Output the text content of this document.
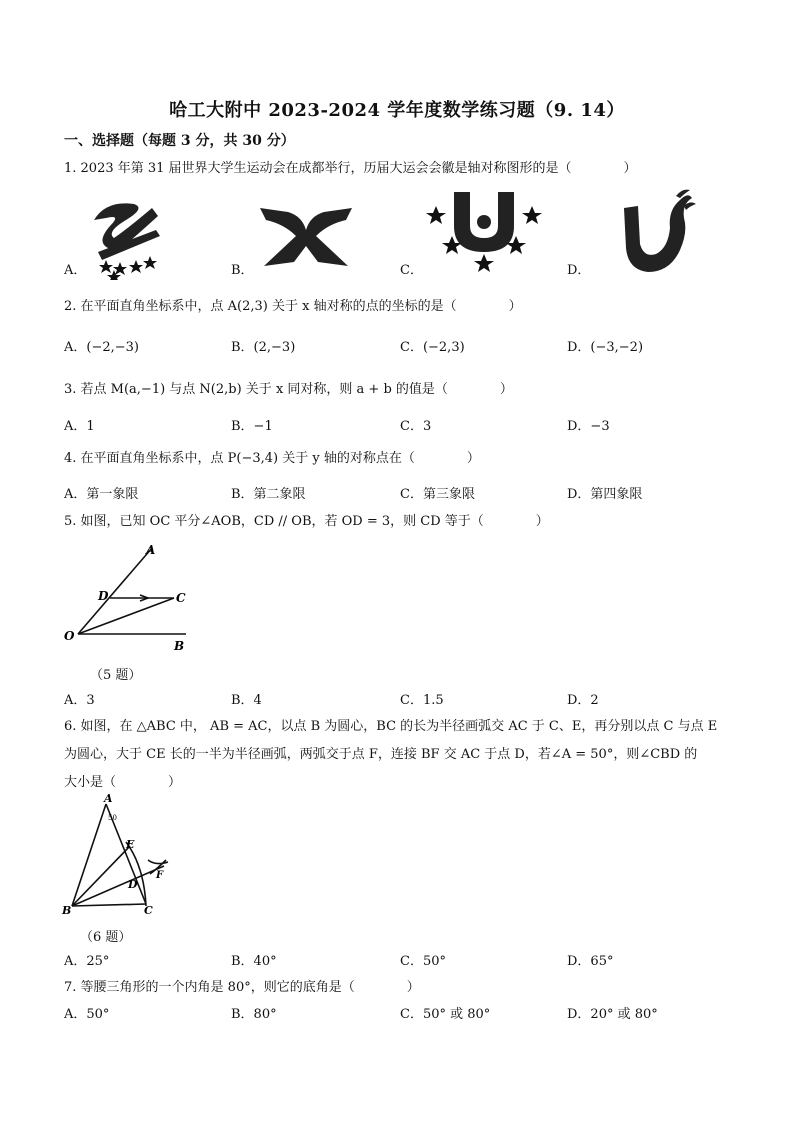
哈工大附中 2023-2024 学年度数学练习题（9. 14）
一、选择题（每题 3 分，共 30 分）
1. 2023 年第 31 届世界大学生运动会在成都举行，历届大运会会徽是轴对称图形的是（　　　　）
A．	B．	C．	D．
2. 在平面直角坐标系中，点 A(2,3) 关于 x 轴对称的点的坐标的是（　　　　）
A．(−2,−3)	B．(2,−3)	C．(−2,3)	D．(−3,−2)
3. 若点 M(a,−1) 与点 N(2,b) 关于 x 同对称，则 a + b 的值是（　　　　）
A．1	B．−1	C．3	D．−3
4. 在平面直角坐标系中，点 P(−3,4) 关于 y 轴的对称点在（　　　　）
A．第一象限	B．第二象限	C．第三象限	D．第四象限
5. 如图，已知 OC 平分∠AOB，CD // OB，若 OD = 3，则 CD 等于（　　　　）
A
D	C
O
B
（5 题）
A．3	B．4	C．1.5	D．2
6. 如图，在 △ABC 中， AB = AC，以点 B 为圆心，BC 的长为半径画弧交 AC 于 C、E，再分别以点 C 与点 E
为圆心，大于 CE 长的一半为半径画弧，两弧交于点 F，连接 BF 交 AC 于点 D，若∠A = 50°，则∠CBD 的
大小是（　　　　）
A
50
E
F
D
B	C
（6 题）
A．25°	B．40°	C．50°	D．65°
7. 等腰三角形的一个内角是 80°，则它的底角是（　　　　）
A．50°	B．80°	C．50° 或 80°	D．20° 或 80°
